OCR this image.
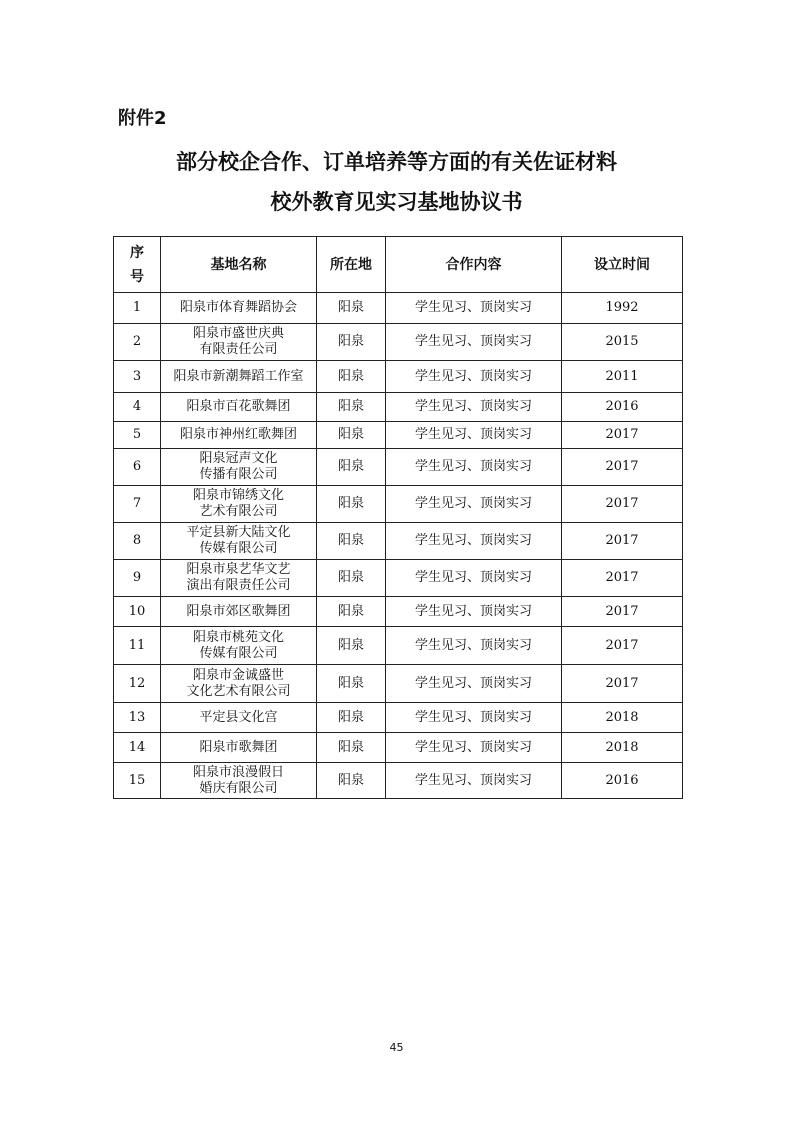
附件2
部分校企合作、订单培养等方面的有关佐证材料
校外教育见实习基地协议书
序
号	基地名称	所在地	合作内容	设立时间
1	阳泉市体育舞蹈协会	阳泉	学生见习、顶岗实习	1992
2	阳泉市盛世庆典
有限责任公司	阳泉	学生见习、顶岗实习	2015
3	阳泉市新潮舞蹈工作室	阳泉	学生见习、顶岗实习	2011
4	阳泉市百花歌舞团	阳泉	学生见习、顶岗实习	2016
5	阳泉市神州红歌舞团	阳泉	学生见习、顶岗实习	2017
6	阳泉冠声文化
传播有限公司	阳泉	学生见习、顶岗实习	2017
7	阳泉市锦绣文化
艺术有限公司	阳泉	学生见习、顶岗实习	2017
8	平定县新大陆文化
传媒有限公司	阳泉	学生见习、顶岗实习	2017
9	阳泉市泉艺华文艺
演出有限责任公司	阳泉	学生见习、顶岗实习	2017
10	阳泉市郊区歌舞团	阳泉	学生见习、顶岗实习	2017
11	阳泉市桃苑文化
传媒有限公司	阳泉	学生见习、顶岗实习	2017
12	阳泉市金诚盛世
文化艺术有限公司	阳泉	学生见习、顶岗实习	2017
13	平定县文化宫	阳泉	学生见习、顶岗实习	2018
14	阳泉市歌舞团	阳泉	学生见习、顶岗实习	2018
15	阳泉市浪漫假日
婚庆有限公司	阳泉	学生见习、顶岗实习	2016
45
